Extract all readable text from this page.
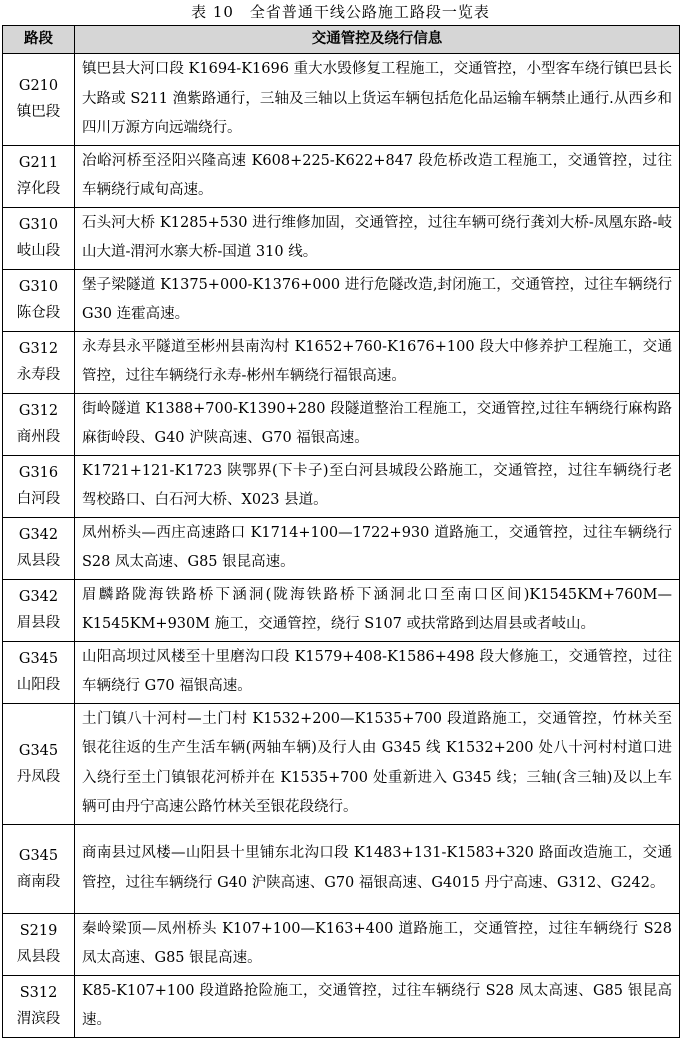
表 10　全省普通干线公路施工路段一览表
路段	交通管控及绕行信息

G210
镇巴段	镇巴县大河口段 K1694-K1696 重大水毁修复工程施工，交通管控，小型客车绕行镇巴县长大路或 S211 渔紫路通行，三轴及三轴以上货运车辆包括危化品运输车辆禁止通行.从西乡和四川万源方向远端绕行。

G211
淳化段	冶峪河桥至泾阳兴隆高速 K608+225-K622+847 段危桥改造工程施工，交通管控，过往车辆绕行咸旬高速。

G310
岐山段	石头河大桥 K1285+530 进行维修加固，交通管控，过往车辆可绕行龚刘大桥-凤凰东路-岐山大道-渭河水寨大桥-国道 310 线。

G310
陈仓段	堡子梁隧道 K1375+000-K1376+000 进行危隧改造,封闭施工，交通管控，过往车辆绕行 G30 连霍高速。

G312
永寿段	永寿县永平隧道至彬州县南沟村 K1652+760-K1676+100 段大中修养护工程施工，交通管控，过往车辆绕行永寿-彬州车辆绕行福银高速。

G312
商州段	街岭隧道 K1388+700-K1390+280 段隧道整治工程施工，交通管控,过往车辆绕行麻构路麻街岭段、G40 沪陕高速、G70 福银高速。

G316
白河段	K1721+121-K1723 陕鄂界(下卡子)至白河县城段公路施工，交通管控，过往车辆绕行老驾校路口、白石河大桥、X023 县道。

G342
凤县段	凤州桥头—西庄高速路口 K1714+100—1722+930 道路施工，交通管控，过往车辆绕行 S28 凤太高速、G85 银昆高速。

G342
眉县段	眉麟路陇海铁路桥下涵洞(陇海铁路桥下涵洞北口至南口区间)K1545KM+760M—K1545KM+930M 施工，交通管控，绕行 S107 或扶常路到达眉县或者岐山。

G345
山阳段	山阳高坝过风楼至十里磨沟口段 K1579+408-K1586+498 段大修施工，交通管控，过往车辆绕行 G70 福银高速。

G345
丹凤段	土门镇八十河村—土门村 K1532+200—K1535+700 段道路施工，交通管控，竹林关至银花往返的生产生活车辆(两轴车辆)及行人由 G345 线 K1532+200 处八十河村村道口进入绕行至土门镇银花河桥并在 K1535+700 处重新进入 G345 线；三轴(含三轴)及以上车辆可由丹宁高速公路竹林关至银花段绕行。

G345
商南段	商南县过风楼—山阳县十里铺东北沟口段 K1483+131-K1583+320 路面改造施工，交通管控，过往车辆绕行 G40 沪陕高速、G70 福银高速、G4015 丹宁高速、G312、G242。

S219
凤县段	秦岭梁顶—凤州桥头 K107+100—K163+400 道路施工，交通管控，过往车辆绕行 S28 凤太高速、G85 银昆高速。

S312
渭滨段	K85-K107+100 段道路抢险施工，交通管控，过往车辆绕行 S28 凤太高速、G85 银昆高速。
